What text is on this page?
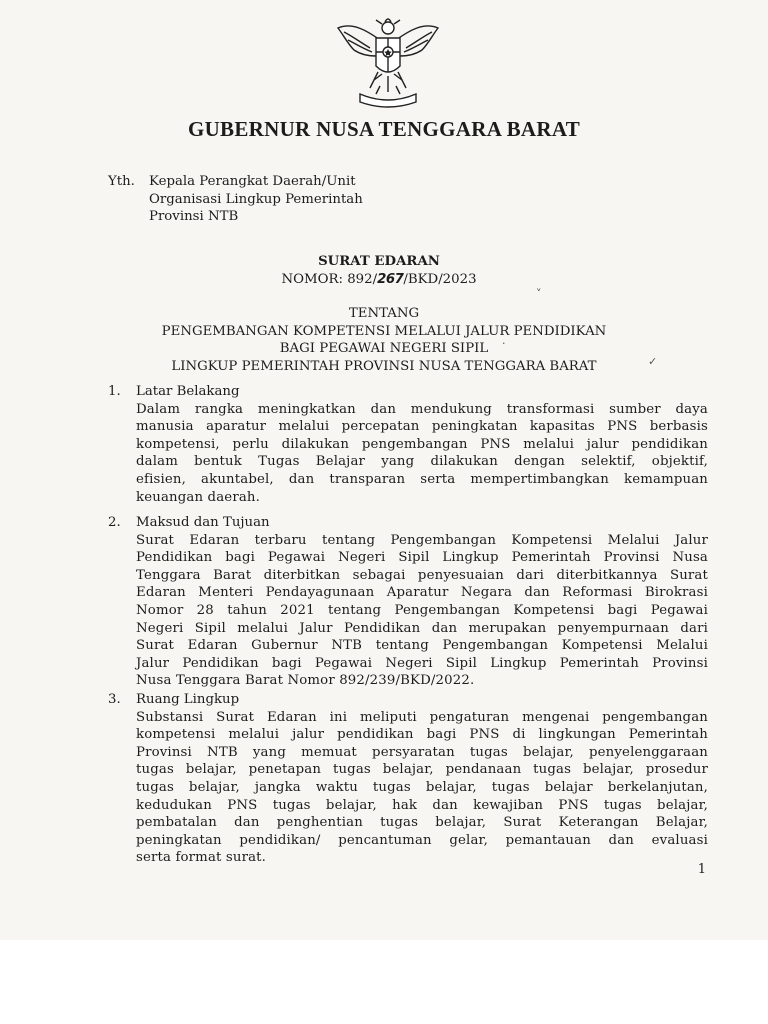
GUBERNUR NUSA TENGGARA BARAT
Yth.	Kepala Perangkat Daerah/Unit
Organisasi Lingkup Pemerintah
Provinsi NTB
SURAT EDARAN
NOMOR: 892/267/BKD/2023
TENTANG
PENGEMBANGAN KOMPETENSI MELALUI JALUR PENDIDIKAN
BAGI PEGAWAI NEGERI SIPIL
LINGKUP PEMERINTAH PROVINSI NUSA TENGGARA BARAT
ˬ
·
✓
1. Latar Belakang
Dalam rangka meningkatkan dan mendukung transformasi sumber daya
manusia aparatur melalui percepatan peningkatan kapasitas PNS berbasis
kompetensi, perlu dilakukan pengembangan PNS melalui jalur pendidikan
dalam bentuk Tugas Belajar yang dilakukan dengan selektif, objektif,
efisien, akuntabel, dan transparan serta mempertimbangkan kemampuan
keuangan daerah.
2. Maksud dan Tujuan
Surat Edaran terbaru tentang Pengembangan Kompetensi Melalui Jalur
Pendidikan bagi Pegawai Negeri Sipil Lingkup Pemerintah Provinsi Nusa
Tenggara Barat diterbitkan sebagai penyesuaian dari diterbitkannya Surat
Edaran Menteri Pendayagunaan Aparatur Negara dan Reformasi Birokrasi
Nomor 28 tahun 2021 tentang Pengembangan Kompetensi bagi Pegawai
Negeri Sipil melalui Jalur Pendidikan dan merupakan penyempurnaan dari
Surat Edaran Gubernur NTB tentang Pengembangan Kompetensi Melalui
Jalur Pendidikan bagi Pegawai Negeri Sipil Lingkup Pemerintah Provinsi
Nusa Tenggara Barat Nomor 892/239/BKD/2022.
3. Ruang Lingkup
Substansi Surat Edaran ini meliputi pengaturan mengenai pengembangan
kompetensi melalui jalur pendidikan bagi PNS di lingkungan Pemerintah
Provinsi NTB yang memuat persyaratan tugas belajar, penyelenggaraan
tugas belajar, penetapan tugas belajar, pendanaan tugas belajar, prosedur
tugas belajar, jangka waktu tugas belajar, tugas belajar berkelanjutan,
kedudukan PNS tugas belajar, hak dan kewajiban PNS tugas belajar,
pembatalan dan penghentian tugas belajar, Surat Keterangan Belajar,
peningkatan pendidikan/ pencantuman gelar, pemantauan dan evaluasi
serta format surat.
1
